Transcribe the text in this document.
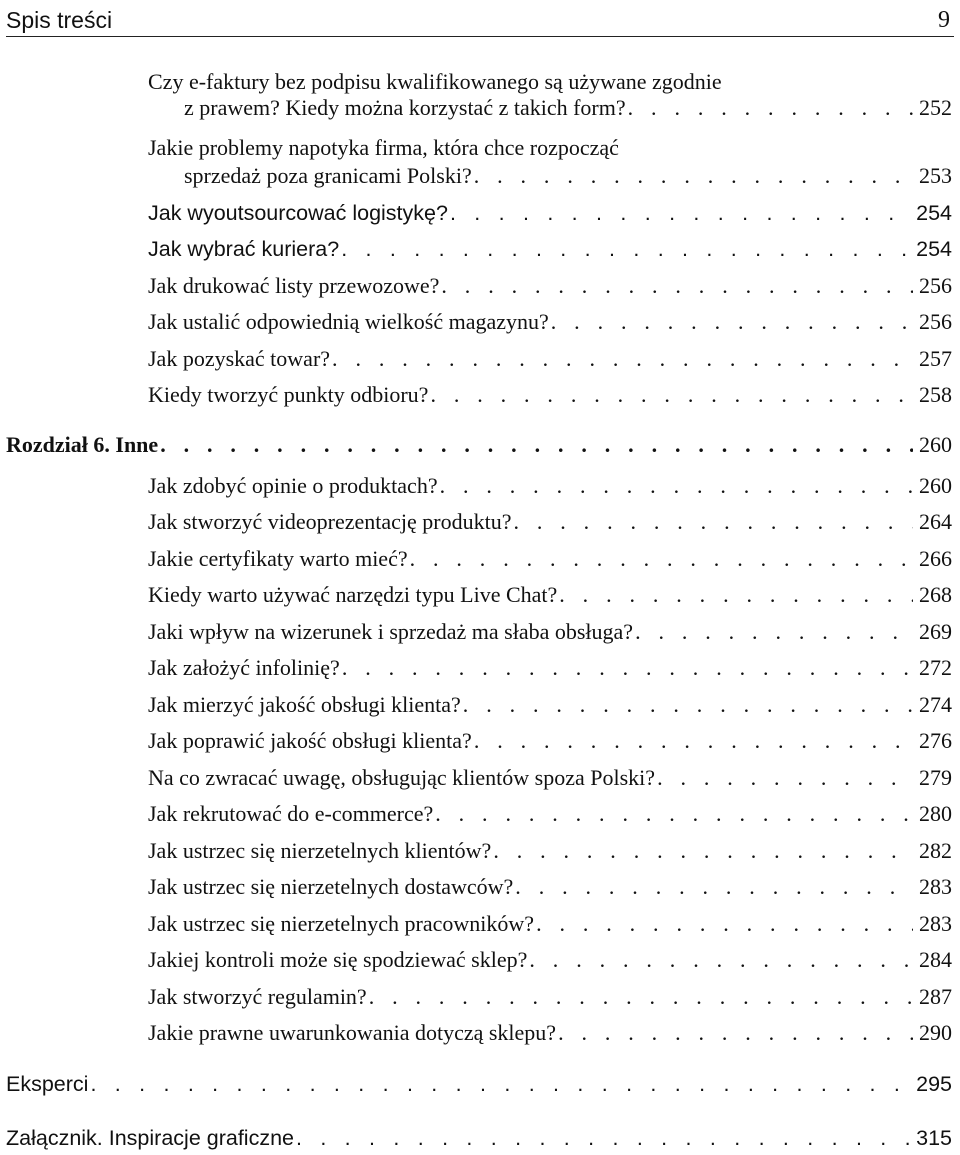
Spis treści	9
Czy e-faktury bez podpisu kwalifikowanego są używane zgodnie
z prawem? Kiedy można korzystać z takich form? . . .	252
Jakie problemy napotyka firma, która chce rozpocząć
sprzedaż poza granicami Polski? . . .	253
Jak wyoutsourcować logistykę? . . .	254
Jak wybrać kuriera? . . .	254
Jak drukować listy przewozowe? . . .	256
Jak ustalić odpowiednią wielkość magazynu? . . .	256
Jak pozyskać towar? . . .	257
Kiedy tworzyć punkty odbioru? . . .	258
Rozdział 6. Inne . . .	260
Jak zdobyć opinie o produktach? . . .	260
Jak stworzyć videoprezentację produktu? . . .	264
Jakie certyfikaty warto mieć? . . .	266
Kiedy warto używać narzędzi typu Live Chat? . . .	268
Jaki wpływ na wizerunek i sprzedaż ma słaba obsługa? . . .	269
Jak założyć infolinię? . . .	272
Jak mierzyć jakość obsługi klienta? . . .	274
Jak poprawić jakość obsługi klienta? . . .	276
Na co zwracać uwagę, obsługując klientów spoza Polski? . . .	279
Jak rekrutować do e-commerce? . . .	280
Jak ustrzec się nierzetelnych klientów? . . .	282
Jak ustrzec się nierzetelnych dostawców? . . .	283
Jak ustrzec się nierzetelnych pracowników? . . .	283
Jakiej kontroli może się spodziewać sklep? . . .	284
Jak stworzyć regulamin? . . .	287
Jakie prawne uwarunkowania dotyczą sklepu? . . .	290
Eksperci . . .	295
Załącznik. Inspiracje graficzne . . .	315
